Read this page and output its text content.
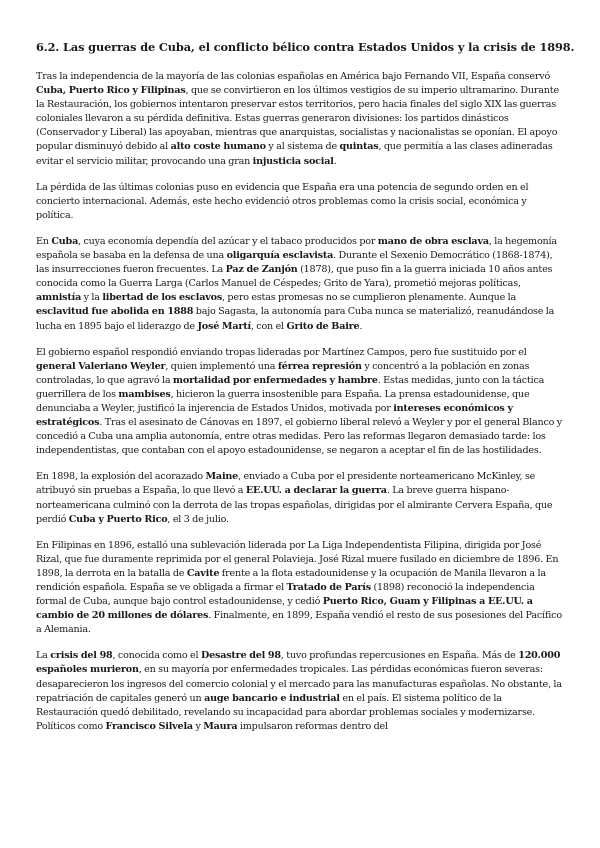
6.2. Las guerras de Cuba, el conflicto bélico contra Estados Unidos y la crisis de 1898.

Tras la independencia de la mayoría de las colonias españolas en América bajo Fernando VII, España conservó Cuba, Puerto Rico y Filipinas, que se convirtieron en los últimos vestigios de su imperio ultramarino. Durante la Restauración, los gobiernos intentaron preservar estos territorios, pero hacia finales del siglo XIX las guerras coloniales llevaron a su pérdida definitiva. Estas guerras generaron divisiones: los partidos dinásticos (Conservador y Liberal) las apoyaban, mientras que anarquistas, socialistas y nacionalistas se oponían. El apoyo popular disminuyó debido al alto coste humano y al sistema de quintas, que permitía a las clases adineradas evitar el servicio militar, provocando una gran injusticia social.

La pérdida de las últimas colonias puso en evidencia que España era una potencia de segundo orden en el concierto internacional. Además, este hecho evidenció otros problemas como la crisis social, económica y política.

En Cuba, cuya economía dependía del azúcar y el tabaco producidos por mano de obra esclava, la hegemonía española se basaba en la defensa de una oligarquía esclavista. Durante el Sexenio Democrático (1868-1874), las insurrecciones fueron frecuentes. La Paz de Zanjón (1878), que puso fin a la guerra iniciada 10 años antes conocida como la Guerra Larga (Carlos Manuel de Céspedes; Grito de Yara), prometió mejoras políticas, amnistía y la libertad de los esclavos, pero estas promesas no se cumplieron plenamente. Aunque la esclavitud fue abolida en 1888 bajo Sagasta, la autonomía para Cuba nunca se materializó, reanudándose la lucha en 1895 bajo el liderazgo de José Martí, con el Grito de Baire.

El gobierno español respondió enviando tropas lideradas por Martínez Campos, pero fue sustituido por el general Valeriano Weyler, quien implementó una férrea represión y concentró a la población en zonas controladas, lo que agravó la mortalidad por enfermedades y hambre. Estas medidas, junto con la táctica guerrillera de los mambises, hicieron la guerra insostenible para España. La prensa estadounidense, que denunciaba a Weyler, justificó la injerencia de Estados Unidos, motivada por intereses económicos y estratégicos. Tras el asesinato de Cánovas en 1897, el gobierno liberal relevó a Weyler y por el general Blanco y concedió a Cuba una amplia autonomía, entre otras medidas. Pero las reformas llegaron demasiado tarde: los independentistas, que contaban con el apoyo estadounidense, se negaron a aceptar el fin de las hostilidades.

En 1898, la explosión del acorazado Maine, enviado a Cuba por el presidente norteamericano McKinley, se atribuyó sin pruebas a España, lo que llevó a EE.UU. a declarar la guerra. La breve guerra hispano-norteamericana culminó con la derrota de las tropas españolas, dirigidas por el almirante Cervera España, que perdió Cuba y Puerto Rico, el 3 de julio.

En Filipinas en 1896, estalló una sublevación liderada por La Liga Independentista Filipina, dirigida por José Rizal, que fue duramente reprimida por el general Polavieja. José Rizal muere fusilado en diciembre de 1896. En 1898, la derrota en la batalla de Cavite frente a la flota estadounidense y la ocupación de Manila llevaron a la rendición española. España se ve obligada a firmar el Tratado de París (1898) reconoció la independencia formal de Cuba, aunque bajo control estadounidense, y cedió Puerto Rico, Guam y Filipinas a EE.UU. a cambio de 20 millones de dólares. Finalmente, en 1899, España vendió el resto de sus posesiones del Pacífico a Alemania.

La crisis del 98, conocida como el Desastre del 98, tuvo profundas repercusiones en España. Más de 120.000 españoles murieron, en su mayoría por enfermedades tropicales. Las pérdidas económicas fueron severas: desaparecieron los ingresos del comercio colonial y el mercado para las manufacturas españolas. No obstante, la repatriación de capitales generó un auge bancario e industrial en el país. El sistema político de la Restauración quedó debilitado, revelando su incapacidad para abordar problemas sociales y modernizarse. Políticos como Francisco Silvela y Maura impulsaron reformas dentro del
